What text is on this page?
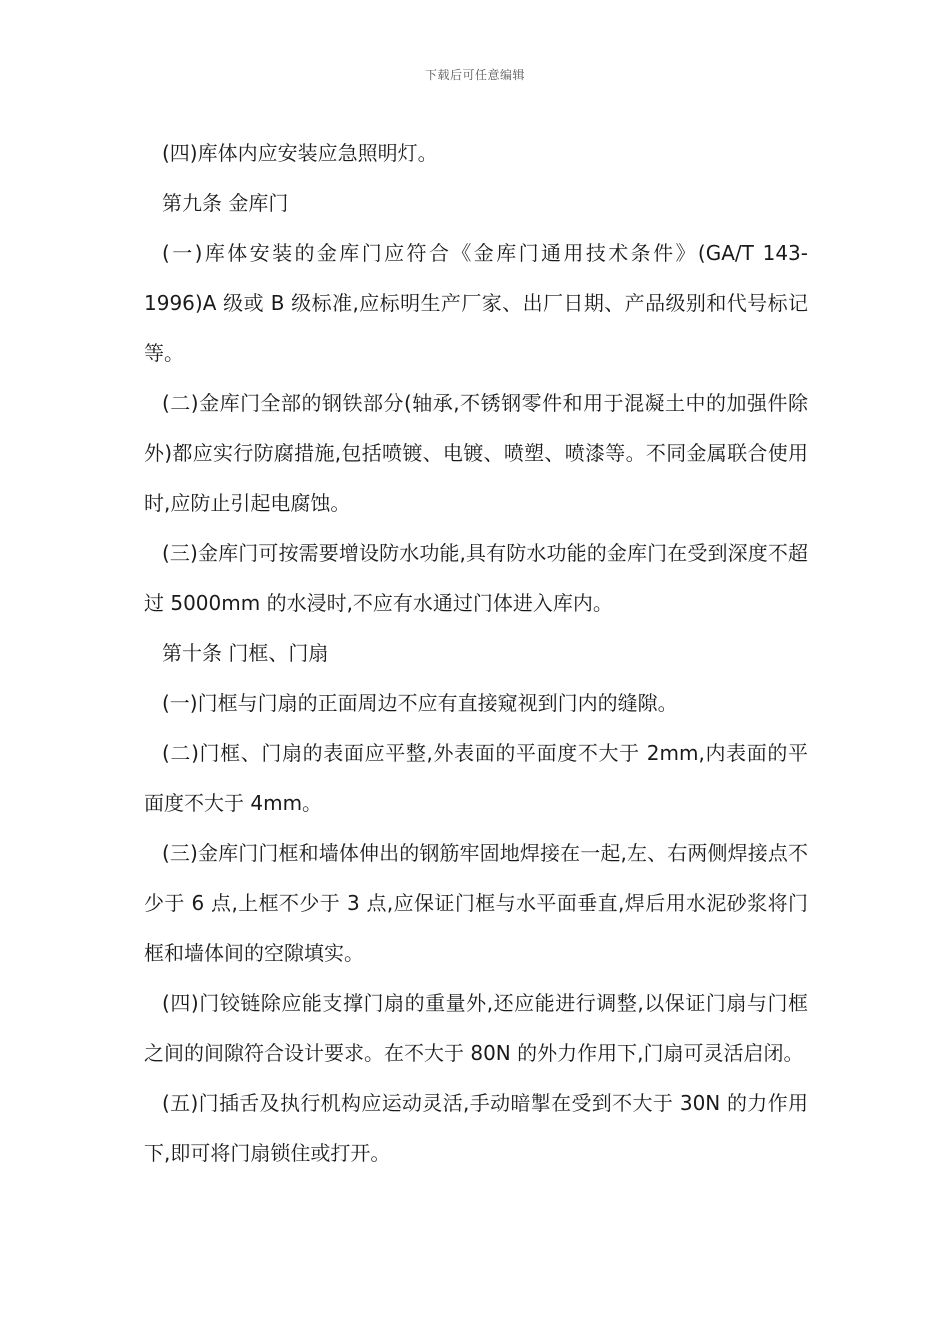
下载后可任意编辑

(四)库体内应安装应急照明灯。

第九条 金库门

(一)库体安装的金库门应符合《金库门通用技术条件》(GA/T 143-1996)A 级或 B 级标准,应标明生产厂家、出厂日期、产品级别和代号标记等。

(二)金库门全部的钢铁部分(轴承,不锈钢零件和用于混凝土中的加强件除外)都应实行防腐措施,包括喷镀、电镀、喷塑、喷漆等。不同金属联合使用时,应防止引起电腐蚀。

(三)金库门可按需要增设防水功能,具有防水功能的金库门在受到深度不超过 5000mm 的水浸时,不应有水通过门体进入库内。

第十条 门框、门扇

(一)门框与门扇的正面周边不应有直接窥视到门内的缝隙。

(二)门框、门扇的表面应平整,外表面的平面度不大于 2mm,内表面的平面度不大于 4mm。

(三)金库门门框和墙体伸出的钢筋牢固地焊接在一起,左、右两侧焊接点不少于 6 点,上框不少于 3 点,应保证门框与水平面垂直,焊后用水泥砂浆将门框和墙体间的空隙填实。

(四)门铰链除应能支撑门扇的重量外,还应能进行调整,以保证门扇与门框之间的间隙符合设计要求。在不大于 80N 的外力作用下,门扇可灵活启闭。

(五)门插舌及执行机构应运动灵活,手动暗掣在受到不大于 30N 的力作用下,即可将门扇锁住或打开。
